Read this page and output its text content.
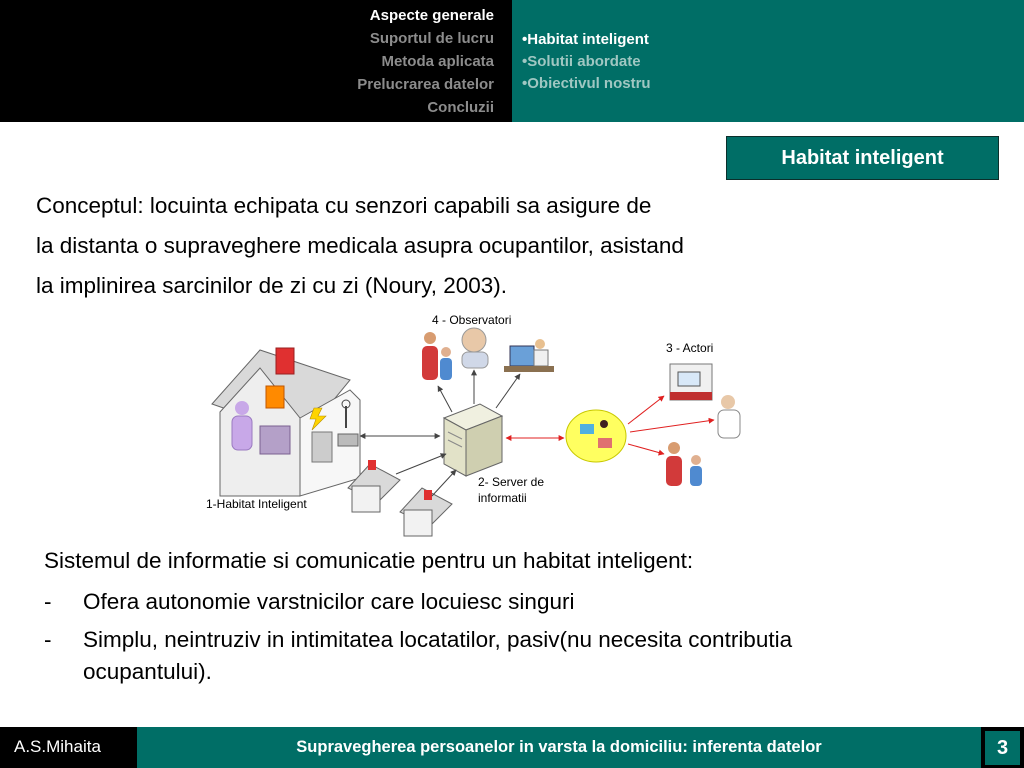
Aspecte generale
Suportul de lucru
Metoda aplicata
Prelucrarea datelor
Concluzii
•Habitat inteligent
•Solutii abordate
•Obiectivul nostru
Habitat inteligent
Conceptul: locuinta echipata cu senzori capabili sa asigure de
la distanta o supraveghere medicala asupra ocupantilor, asistand
la implinirea sarcinilor de zi cu zi (Noury, 2003).
1-Habitat Inteligent
2- Server de
informatii
4 - Observatori
3 - Actori
Sistemul de informatie si comunicatie pentru un habitat inteligent:
- Ofera autonomie varstnicilor care locuiesc singuri
- Simplu, neintruziv in intimitatea locatatilor, pasiv(nu necesita contributia ocupantului).
A.S.Mihaita	Supravegherea persoanelor in varsta la domiciliu: inferenta datelor	3
